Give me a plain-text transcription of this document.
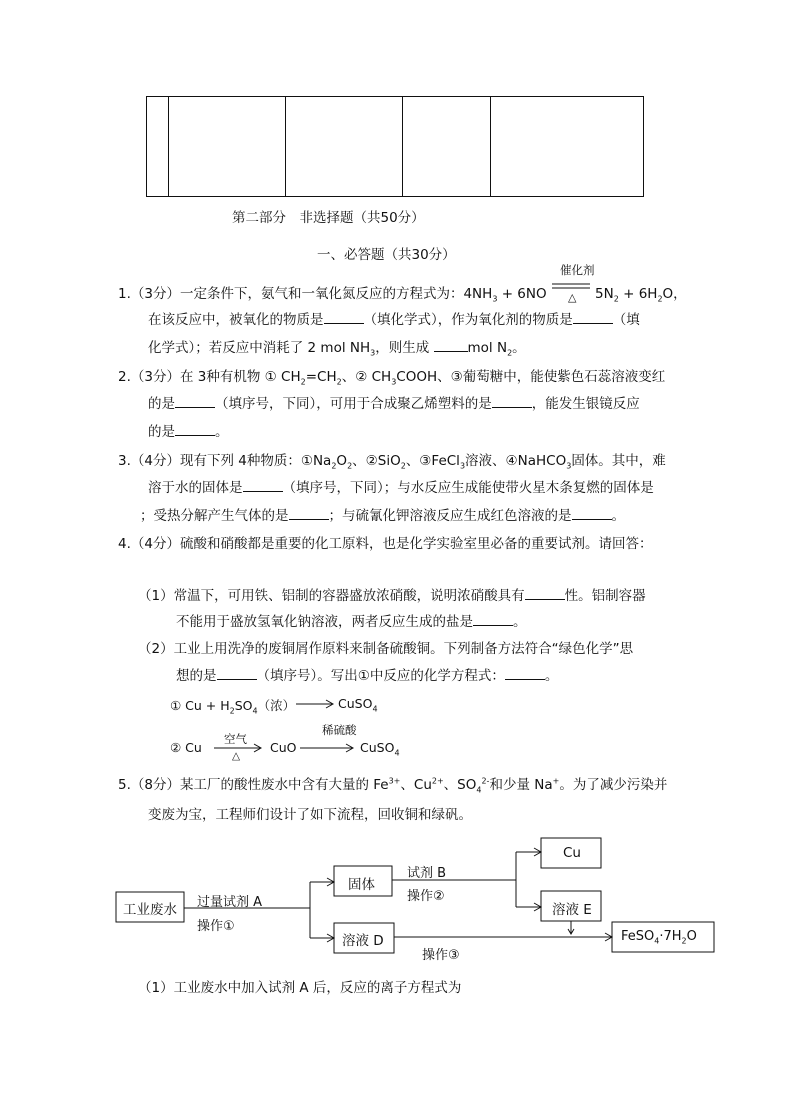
第二部分　非选择题（共50分）
一、必答题（共30分）
1.（3分）一定条件下，氨气和一氧化氮反应的方程式为：$4NH_3 + 6NO$
催化剂
△ $5N_2 + 6H_2O$，
在该反应中，被氧化的物质是	（填化学式），作为氧化剂的物质是	（填
化学式）；若反应中消耗了 2 mol $NH_3$，则生成	mol $N_2$。
2.（3分）在 3种有机物 ① $CH_2=CH_2$、② $CH_3COOH$、③葡萄糖中，能使紫色石蕊溶液变红
的是	（填序号，下同），可用于合成聚乙烯塑料的是	，能发生银镜反应
的是	。
3.（4分）现有下列 4种物质：$①Na_2O_2$、②SiO$_2$、③FeCl$_3$溶液、④NaHCO$_3$固体。其中，难
溶于水的固体是	（填序号，下同）；与水反应生成能使带火星木条复燃的固体是
；受热分解产生气体的是	；与硫氰化钾溶液反应生成红色溶液的是	。
4.（4分）硫酸和硝酸都是重要的化工原料，也是化学实验室里必备的重要试剂。请回答：
（1）常温下，可用铁、铝制的容器盛放浓硝酸，说明浓硝酸具有	性。铝制容器
不能用于盛放氢氧化钠溶液，两者反应生成的盐是	。
（2）工业上用洗净的废铜屑作原料来制备硫酸铜。下列制备方法符合“绿色化学”思
想的是	（填序号）。写出①中反应的化学方程式：	。
① $Cu + H_2SO_4$（浓） → CuSO$_4$
② Cu
空气
△
CuO
稀硫酸
CuSO$_4$
5.（8分）某工厂的酸性废水中含有大量的 $Fe^{3+}$、$Cu^{2+}$、$SO_4^{2-}$和少量 Na+。为了减少污染并
变废为宝，工程师们设计了如下流程，回收铜和绿矾。
工业废水 过量试剂 A
操作①
固体
试剂 B
操作②
Cu
溶液 E
溶液 D
操作③
$FeSO_4\cdot 7H_2O$
（1）工业废水中加入试剂 A 后，反应的离子方程式为
